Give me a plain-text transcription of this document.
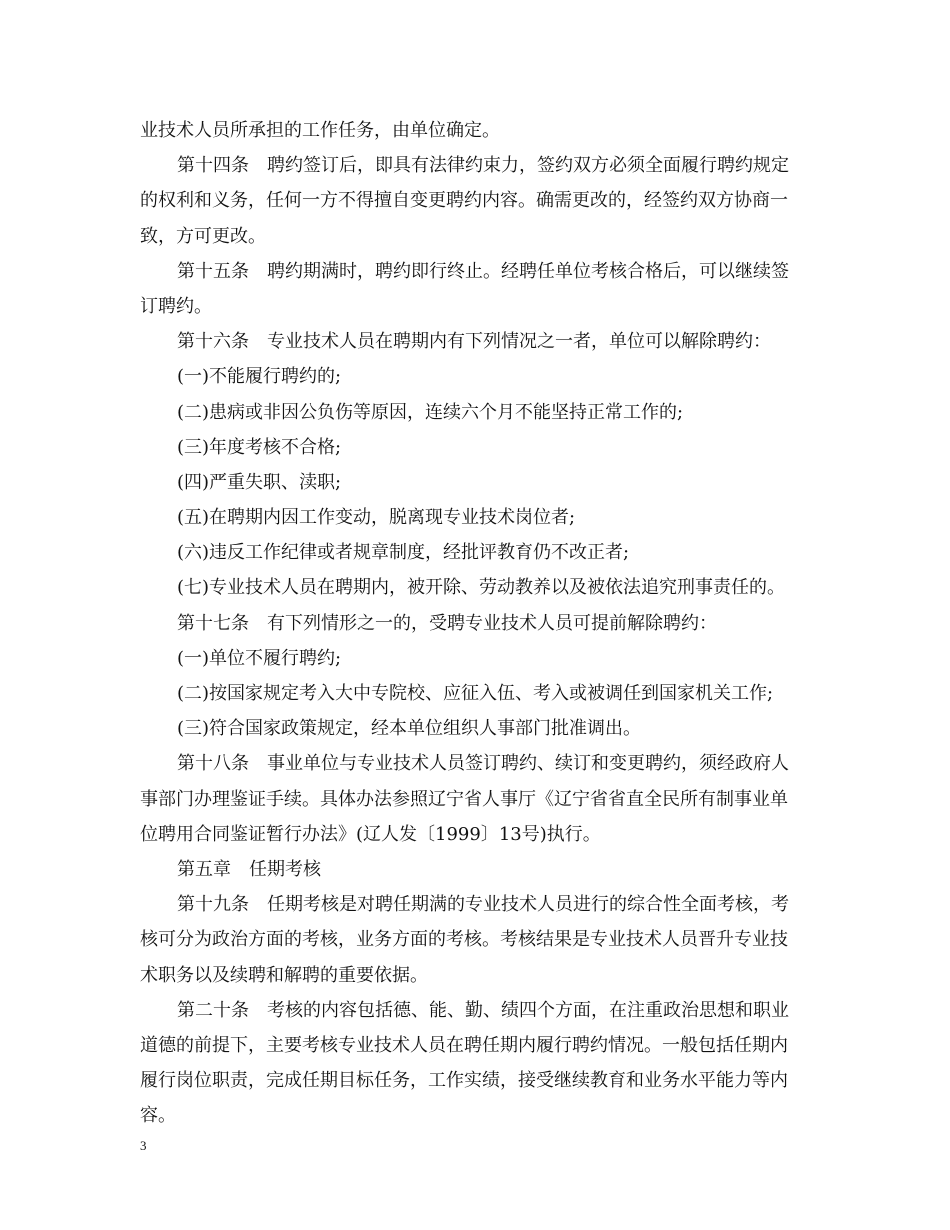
业技术人员所承担的工作任务，由单位确定。
第十四条　聘约签订后，即具有法律约束力，签约双方必须全面履行聘约规定
的权利和义务，任何一方不得擅自变更聘约内容。确需更改的，经签约双方协商一
致，方可更改。
第十五条　聘约期满时，聘约即行终止。经聘任单位考核合格后，可以继续签
订聘约。
第十六条　专业技术人员在聘期内有下列情况之一者，单位可以解除聘约：
(一)不能履行聘约的;
(二)患病或非因公负伤等原因，连续六个月不能坚持正常工作的;
(三)年度考核不合格;
(四)严重失职、渎职;
(五)在聘期内因工作变动，脱离现专业技术岗位者;
(六)违反工作纪律或者规章制度，经批评教育仍不改正者;
(七)专业技术人员在聘期内，被开除、劳动教养以及被依法追究刑事责任的。
第十七条　有下列情形之一的，受聘专业技术人员可提前解除聘约：
(一)单位不履行聘约;
(二)按国家规定考入大中专院校、应征入伍、考入或被调任到国家机关工作;
(三)符合国家政策规定，经本单位组织人事部门批准调出。
第十八条　事业单位与专业技术人员签订聘约、续订和变更聘约，须经政府人
事部门办理鉴证手续。具体办法参照辽宁省人事厅《辽宁省省直全民所有制事业单
位聘用合同鉴证暂行办法》(辽人发〔1999〕13号)执行。
第五章　任期考核
第十九条　任期考核是对聘任期满的专业技术人员进行的综合性全面考核，考
核可分为政治方面的考核，业务方面的考核。考核结果是专业技术人员晋升专业技
术职务以及续聘和解聘的重要依据。
第二十条　考核的内容包括德、能、勤、绩四个方面，在注重政治思想和职业
道德的前提下，主要考核专业技术人员在聘任期内履行聘约情况。一般包括任期内
履行岗位职责，完成任期目标任务，工作实绩，接受继续教育和业务水平能力等内
容。
3
